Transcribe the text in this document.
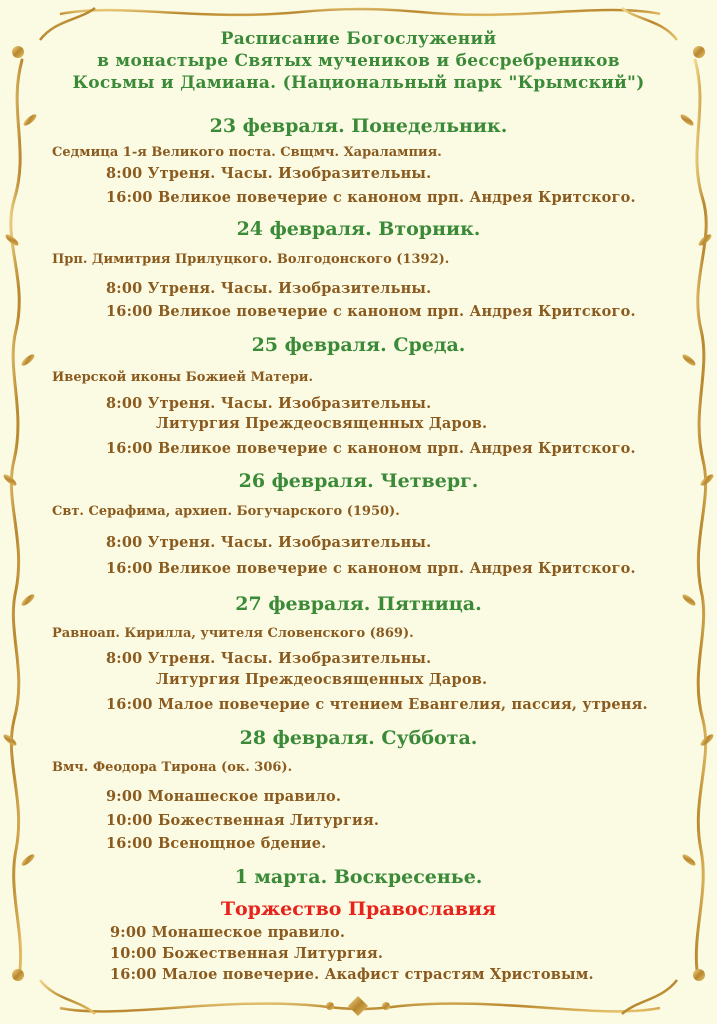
Расписание Богослужений
в монастыре Святых мучеников и бессребреников
Косьмы и Дамиана. (Национальный парк "Крымский")
23 февраля. Понедельник.
Седмица 1-я Великого поста. Свщмч. Харалампия.
8:00 Утреня. Часы. Изобразительны.
16:00 Великое повечерие с каноном прп. Андрея Критского.
24 февраля. Вторник.
Прп. Димитрия Прилуцкого. Волгодонского (1392).
8:00 Утреня. Часы. Изобразительны.
16:00 Великое повечерие с каноном прп. Андрея Критского.
25 февраля. Среда.
Иверской иконы Божией Матери.
8:00 Утреня. Часы. Изобразительны.
Литургия Преждеосвященных Даров.
16:00 Великое повечерие с каноном прп. Андрея Критского.
26 февраля. Четверг.
Свт. Серафима, архиеп. Богучарского (1950).
8:00 Утреня. Часы. Изобразительны.
16:00 Великое повечерие с каноном прп. Андрея Критского.
27 февраля. Пятница.
Равноап. Кирилла, учителя Словенского (869).
8:00 Утреня. Часы. Изобразительны.
Литургия Преждеосвященных Даров.
16:00 Малое повечерие с чтением Евангелия, пассия, утреня.
28 февраля. Суббота.
Вмч. Феодора Тирона (ок. 306).
9:00 Монашеское правило.
10:00 Божественная Литургия.
16:00 Всенощное бдение.
1 марта. Воскресенье.
Торжество Православия
9:00 Монашеское правило.
10:00 Божественная Литургия.
16:00 Малое повечерие. Акафист страстям Христовым.
